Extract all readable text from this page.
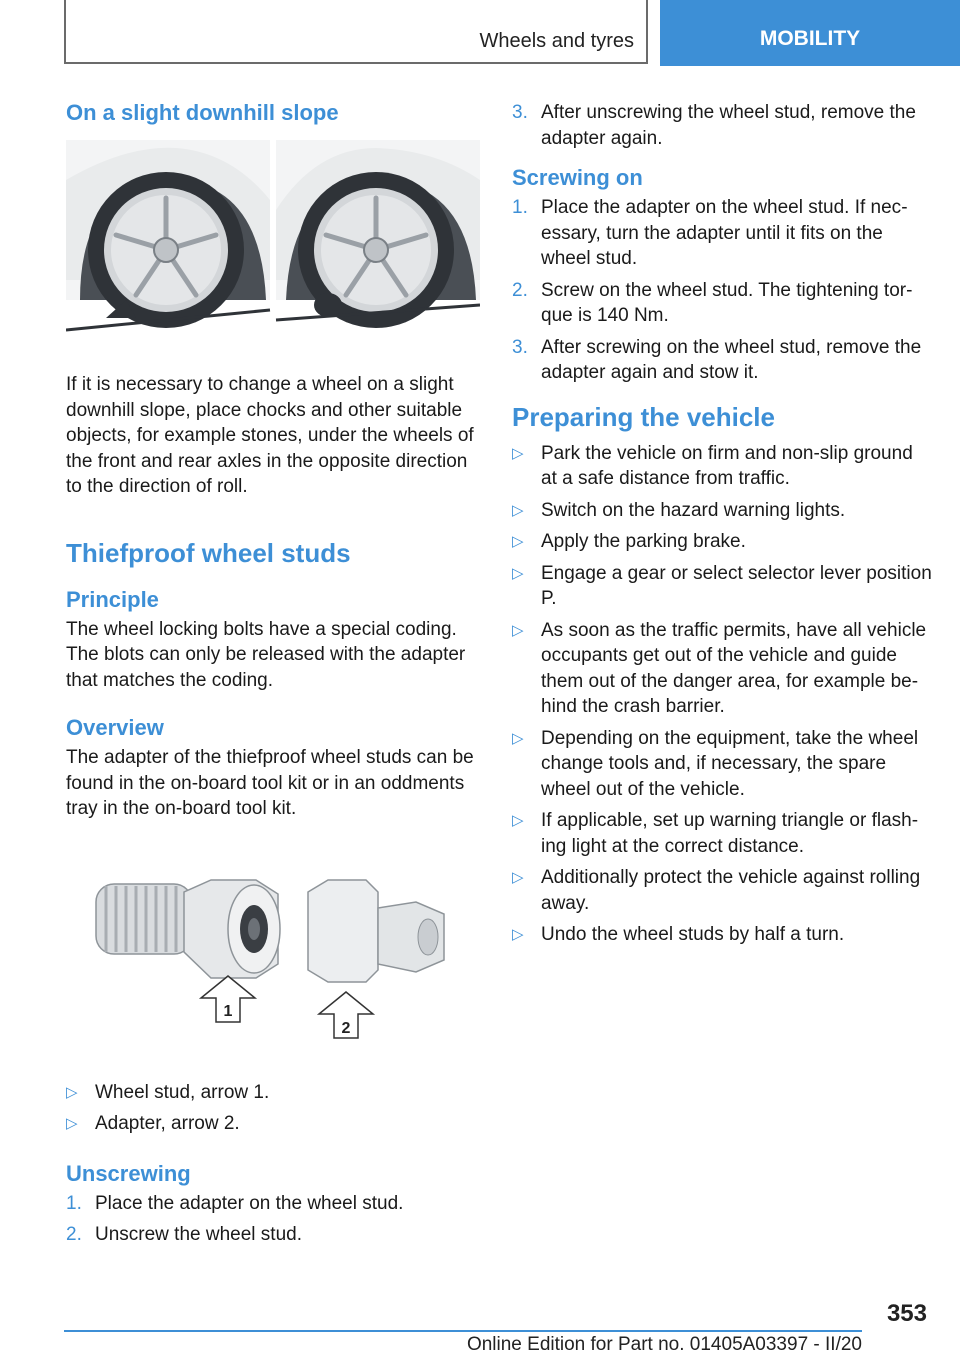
Wheels and tyres	MOBILITY
On a slight downhill slope

If it is necessary to change a wheel on a slight downhill slope, place chocks and other suitable objects, for example stones, under the wheels of the front and rear axles in the opposite direction to the direction of roll.

Thiefproof wheel studs
Principle

The wheel locking bolts have a special coding. The blots can only be released with the adapter that matches the coding.

Overview

The adapter of the thiefproof wheel studs can be found in the on-board tool kit or in an oddments tray in the on-board tool kit.

1
2
▷ Wheel stud, arrow 1.
▷ Adapter, arrow 2.
Unscrewing
1. Place the adapter on the wheel stud.
2. Unscrew the wheel stud.
3. After unscrewing the wheel stud, remove the adapter again.
Screwing on
1. Place the adapter on the wheel stud. If necessary, turn the adapter until it fits on the wheel stud.
2. Screw on the wheel stud. The tightening torque is 140 Nm.
3. After screwing on the wheel stud, remove the adapter again and stow it.
Preparing the vehicle
▷ Park the vehicle on firm and non-slip ground at a safe distance from traffic.
▷ Switch on the hazard warning lights.
▷ Apply the parking brake.
▷ Engage a gear or select selector lever position P.
▷ As soon as the traffic permits, have all vehicle occupants get out of the vehicle and guide them out of the danger area, for example behind the crash barrier.
▷ Depending on the equipment, take the wheel change tools and, if necessary, the spare wheel out of the vehicle.
▷ If applicable, set up warning triangle or flashing light at the correct distance.
▷ Additionally protect the vehicle against rolling away.
▷ Undo the wheel studs by half a turn.
353
Online Edition for Part no. 01405A03397 - II/20
